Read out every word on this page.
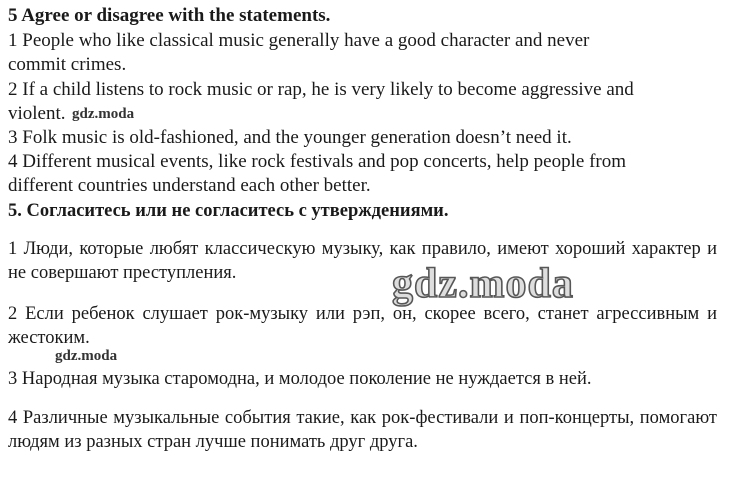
5 Agree or disagree with the statements.
1 People who like classical music generally have a good character and never
commit crimes.
2 If a child listens to rock music or rap, he is very likely to become aggressive and
violent.
3 Folk music is old-fashioned, and the younger generation doesn’t need it.
4 Different musical events, like rock festivals and pop concerts, help people from
different countries understand each other better.
gdz.moda
5. Согласитесь или не согласитесь с утверждениями.
1 Люди, которые любят классическую музыку, как правило, имеют хороший характер и не совершают преступления.
2 Если ребенок слушает рок-музыку или рэп, он, скорее всего, станет агрессивным и жестоким.
3 Народная музыка старомодна, и молодое поколение не нуждается в ней.
4 Различные музыкальные события такие, как рок-фестивали и поп-концерты, помогают людям из разных стран лучше понимать друг друга.
gdz.moda
gdz.moda
